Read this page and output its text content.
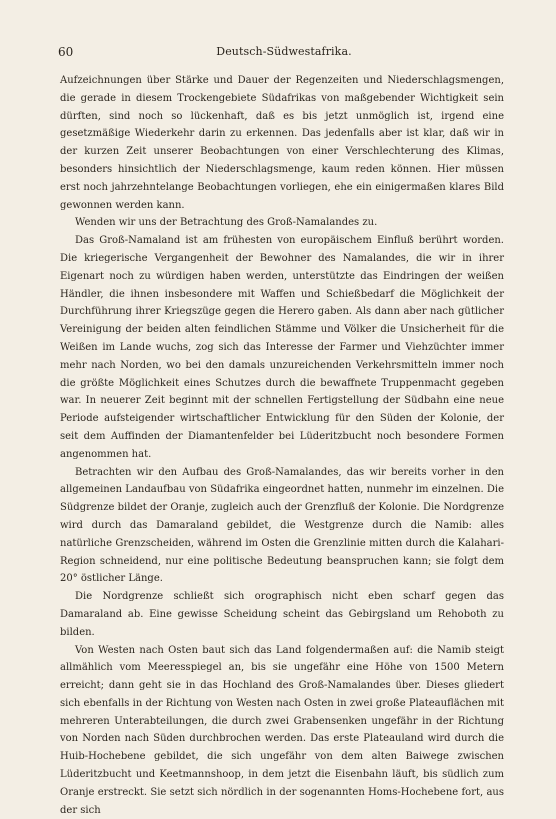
60	Deutsch-Südwestafrika.

Aufzeichnungen über Stärke und Dauer der Regenzeiten und Niederschlagsmengen, die gerade in diesem Trockengebiete Südafrikas von maßgebender Wichtigkeit sein dürften, sind noch so lückenhaft, daß es bis jetzt unmöglich ist, irgend eine gesetzmäßige Wiederkehr darin zu erkennen. Das jedenfalls aber ist klar, daß wir in der kurzen Zeit unserer Beobachtungen von einer Verschlechterung des Klimas, besonders hinsichtlich der Niederschlagsmenge, kaum reden können. Hier müssen erst noch jahrzehntelange Beobachtungen vorliegen, ehe ein einigermaßen klares Bild gewonnen werden kann.

Wenden wir uns der Betrachtung des Groß-Namalandes zu.

Das Groß-Namaland ist am frühesten von europäischem Einfluß berührt worden. Die kriegerische Vergangenheit der Bewohner des Namalandes, die wir in ihrer Eigenart noch zu würdigen haben werden, unterstützte das Eindringen der weißen Händler, die ihnen insbesondere mit Waffen und Schießbedarf die Möglichkeit der Durchführung ihrer Kriegszüge gegen die Herero gaben. Als dann aber nach gütlicher Vereinigung der beiden alten feindlichen Stämme und Völker die Unsicherheit für die Weißen im Lande wuchs, zog sich das Interesse der Farmer und Viehzüchter immer mehr nach Norden, wo bei den damals unzureichenden Verkehrsmitteln immer noch die größte Möglichkeit eines Schutzes durch die bewaffnete Truppenmacht gegeben war. In neuerer Zeit beginnt mit der schnellen Fertigstellung der Südbahn eine neue Periode aufsteigender wirtschaftlicher Entwicklung für den Süden der Kolonie, der seit dem Auffinden der Diamantenfelder bei Lüderitzbucht noch besondere Formen angenommen hat.

Betrachten wir den Aufbau des Groß-Namalandes, das wir bereits vorher in den allgemeinen Landaufbau von Südafrika eingeordnet hatten, nunmehr im einzelnen. Die Südgrenze bildet der Oranje, zugleich auch der Grenzfluß der Kolonie. Die Nordgrenze wird durch das Damaraland gebildet, die Westgrenze durch die Namib: alles natürliche Grenzscheiden, während im Osten die Grenzlinie mitten durch die Kalahari-Region schneidend, nur eine politische Bedeutung beanspruchen kann; sie folgt dem 20° östlicher Länge.

Die Nordgrenze schließt sich orographisch nicht eben scharf gegen das Damaraland ab. Eine gewisse Scheidung scheint das Gebirgsland um Rehoboth zu bilden.

Von Westen nach Osten baut sich das Land folgendermaßen auf: die Namib steigt allmählich vom Meeresspiegel an, bis sie ungefähr eine Höhe von 1500 Metern erreicht; dann geht sie in das Hochland des Groß-Namalandes über. Dieses gliedert sich ebenfalls in der Richtung von Westen nach Osten in zwei große Plateauflächen mit mehreren Unterabteilungen, die durch zwei Grabensenken ungefähr in der Richtung von Norden nach Süden durchbrochen werden. Das erste Plateauland wird durch die Huib-Hochebene gebildet, die sich ungefähr von dem alten Baiwege zwischen Lüderitzbucht und Keetmannshoop, in dem jetzt die Eisenbahn läuft, bis südlich zum Oranje erstreckt. Sie setzt sich nördlich in der sogenannten Homs-Hochebene fort, aus der sich
